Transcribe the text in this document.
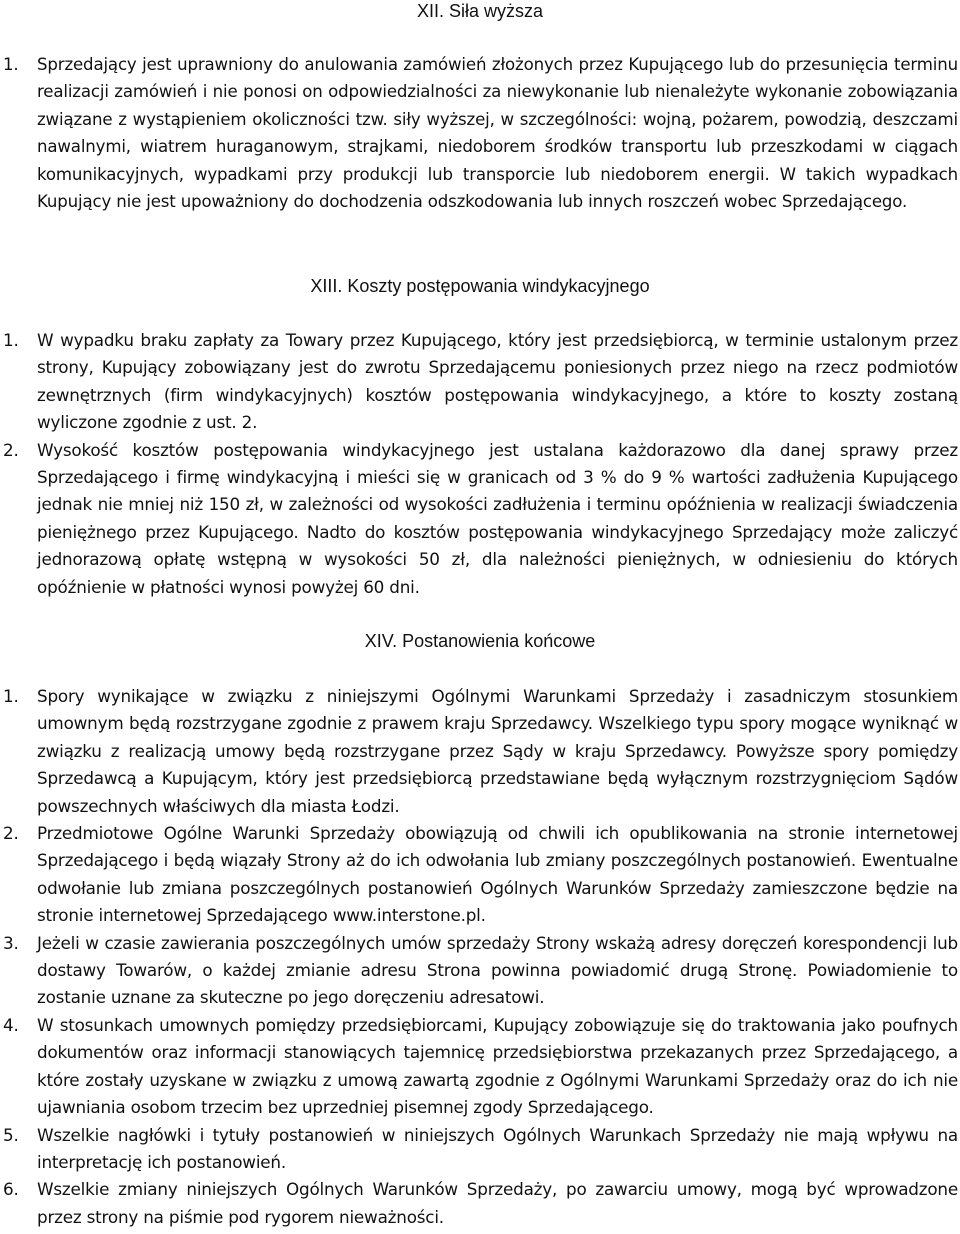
XII. Siła wyższa
1. Sprzedający jest uprawniony do anulowania zamówień złożonych przez Kupującego lub do przesunięcia terminu realizacji zamówień i nie ponosi on odpowiedzialności za niewykonanie lub nienależyte wykonanie zobowiązania związane z wystąpieniem okoliczności tzw. siły wyższej, w szczególności: wojną, pożarem, powodzią, deszczami nawalnymi, wiatrem huraganowym, strajkami, niedoborem środków transportu lub przeszkodami w ciągach komunikacyjnych, wypadkami przy produkcji lub transporcie lub niedoborem energii. W takich wypadkach Kupujący nie jest upoważniony do dochodzenia odszkodowania lub innych roszczeń wobec Sprzedającego.
XIII. Koszty postępowania windykacyjnego
1. W wypadku braku zapłaty za Towary przez Kupującego, który jest przedsiębiorcą, w terminie ustalonym przez strony, Kupujący zobowiązany jest do zwrotu Sprzedającemu poniesionych przez niego na rzecz podmiotów zewnętrznych (firm windykacyjnych) kosztów postępowania windykacyjnego, a które to koszty zostaną wyliczone zgodnie z ust. 2.
2. Wysokość kosztów postępowania windykacyjnego jest ustalana każdorazowo dla danej sprawy przez Sprzedającego i firmę windykacyjną i mieści się w granicach od 3 % do 9 % wartości zadłużenia Kupującego jednak nie mniej niż 150 zł, w zależności od wysokości zadłużenia i terminu opóźnienia w realizacji świadczenia pieniężnego przez Kupującego. Nadto do kosztów postępowania windykacyjnego Sprzedający może zaliczyć jednorazową opłatę wstępną w wysokości 50 zł, dla należności pieniężnych, w odniesieniu do których opóźnienie w płatności wynosi powyżej 60 dni.
XIV. Postanowienia końcowe
1. Spory wynikające w związku z niniejszymi Ogólnymi Warunkami Sprzedaży i zasadniczym stosunkiem umownym będą rozstrzygane zgodnie z prawem kraju Sprzedawcy. Wszelkiego typu spory mogące wyniknąć w związku z realizacją umowy będą rozstrzygane przez Sądy w kraju Sprzedawcy. Powyższe spory pomiędzy Sprzedawcą a Kupującym, który jest przedsiębiorcą przedstawiane będą wyłącznym rozstrzygnięciom Sądów powszechnych właściwych dla miasta Łodzi.
2. Przedmiotowe Ogólne Warunki Sprzedaży obowiązują od chwili ich opublikowania na stronie internetowej Sprzedającego i będą wiązały Strony aż do ich odwołania lub zmiany poszczególnych postanowień. Ewentualne odwołanie lub zmiana poszczególnych postanowień Ogólnych Warunków Sprzedaży zamieszczone będzie na stronie internetowej Sprzedającego www.interstone.pl.
3. Jeżeli w czasie zawierania poszczególnych umów sprzedaży Strony wskażą adresy doręczeń korespondencji lub dostawy Towarów, o każdej zmianie adresu Strona powinna powiadomić drugą Stronę. Powiadomienie to zostanie uznane za skuteczne po jego doręczeniu adresatowi.
4. W stosunkach umownych pomiędzy przedsiębiorcami, Kupujący zobowiązuje się do traktowania jako poufnych dokumentów oraz informacji stanowiących tajemnicę przedsiębiorstwa przekazanych przez Sprzedającego, a które zostały uzyskane w związku z umową zawartą zgodnie z Ogólnymi Warunkami Sprzedaży oraz do ich nie ujawniania osobom trzecim bez uprzedniej pisemnej zgody Sprzedającego.
5. Wszelkie nagłówki i tytuły postanowień w niniejszych Ogólnych Warunkach Sprzedaży nie mają wpływu na interpretację ich postanowień.
6. Wszelkie zmiany niniejszych Ogólnych Warunków Sprzedaży, po zawarciu umowy, mogą być wprowadzone przez strony na piśmie pod rygorem nieważności.
